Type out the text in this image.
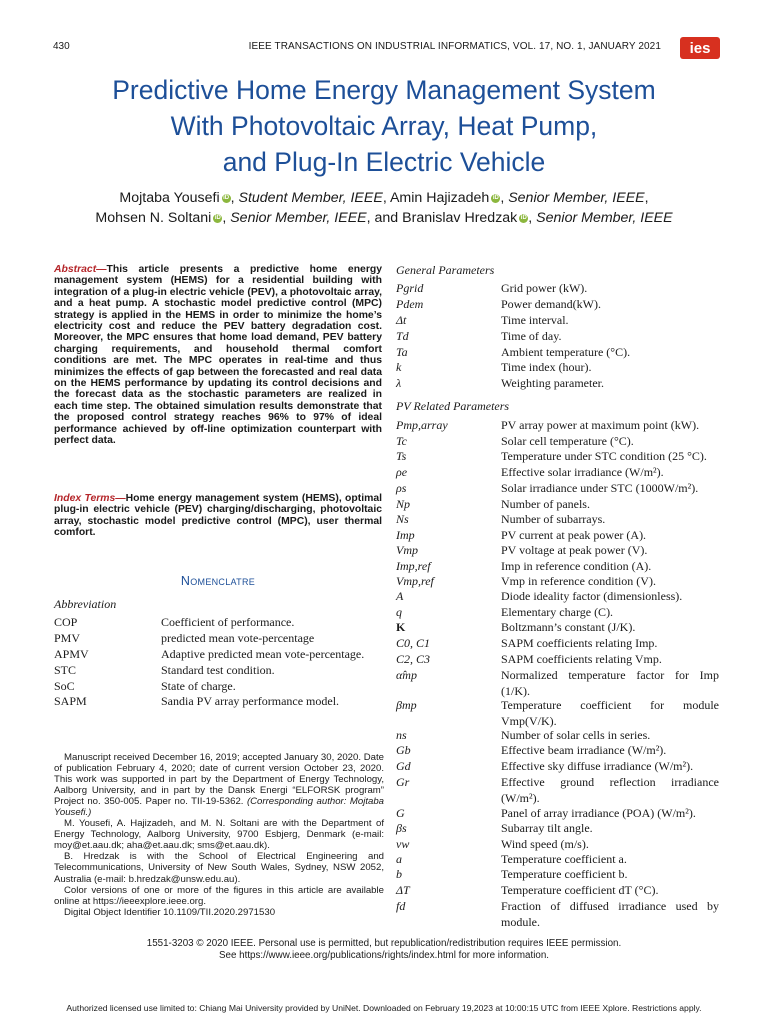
430	IEEE TRANSACTIONS ON INDUSTRIAL INFORMATICS, VOL. 17, NO. 1, JANUARY 2021 ies
Predictive Home Energy Management System
With Photovoltaic Array, Heat Pump,
and Plug-In Electric Vehicle
Mojtaba Yousefi iD , Student Member, IEEE, Amin Hajizadeh iD , Senior Member, IEEE,
Mohsen N. Soltani iD , Senior Member, IEEE, and Branislav Hredzak iD , Senior Member, IEEE
Abstract—This article presents a predictive home energy management system (HEMS) for a residential building with integration of a plug-in electric vehicle (PEV), a photovoltaic array, and a heat pump. A stochastic model predictive control (MPC) strategy is applied in the HEMS in order to minimize the home’s electricity cost and reduce the PEV battery degradation cost. Moreover, the MPC ensures that home load demand, PEV battery charging requirements, and household thermal comfort conditions are met. The MPC operates in real-time and thus minimizes the effects of gap between the forecasted and real data on the HEMS performance by updating its control decisions and the forecast data as the stochastic parameters are realized in each time step. The obtained simulation results demonstrate that the proposed control strategy reaches 96% to 97% of ideal performance achieved by off-line optimization counterpart with perfect data.
Index Terms—Home energy management system (HEMS), optimal plug-in electric vehicle (PEV) charging/discharging, photovoltaic array, stochastic model predictive control (MPC), user thermal comfort.
Nomenclatre
Abbreviation
COP	Coefficient of performance.
PMV	predicted mean vote-percentage
APMV	Adaptive predicted mean vote-percentage.
STC	Standard test condition.
SoC	State of charge.
SAPM	Sandia PV array performance model.

Manuscript received December 16, 2019; accepted January 30, 2020. Date of publication February 4, 2020; date of current version October 23, 2020. This work was supported in part by the Department of Energy Technology, Aalborg University, and in part by the Dansk Energi “ELFORSK program” Project no. 350-005. Paper no. TII-19-5362. (Corresponding author: Mojtaba Yousefi.)

M. Yousefi, A. Hajizadeh, and M. N. Soltani are with the Department of Energy Technology, Aalborg University, 9700 Esbjerg, Denmark (e-mail: moy@et.aau.dk; aha@et.aau.dk; sms@et.aau.dk).

B. Hredzak is with the School of Electrical Engineering and Telecommunications, University of New South Wales, Sydney, NSW 2052, Australia (e-mail: b.hredzak@unsw.edu.au).

Color versions of one or more of the figures in this article are available online at https://ieeexplore.ieee.org.

Digital Object Identifier 10.1109/TII.2020.2971530

General Parameters
Pgrid	Grid power (kW).
Pdem	Power demand(kW).
Δt	Time interval.
Td	Time of day.
Ta	Ambient temperature (°C).
k	Time index (hour).
λ	Weighting parameter.
PV Related Parameters
Pmp,array	PV array power at maximum point (kW).
Tc	Solar cell temperature (°C).
Ts	Temperature under STC condition (25 °C).
ρe	Effective solar irradiance (W/m²).
ρs	Solar irradiance under STC (1000W/m²).
Np	Number of panels.
Ns	Number of subarrays.
Imp	PV current at peak power (A).
Vmp	PV voltage at peak power (V).
Imp,ref	Imp in reference condition (A).
Vmp,ref	Vmp in reference condition (V).
A	Diode ideality factor (dimensionless).
q	Elementary charge (C).
K	Boltzmann’s constant (J/K).
C0, C1	SAPM coefficients relating Imp.
C2, C3	SAPM coefficients relating Vmp.
α̂mp	Normalized temperature factor for Imp (1/K).
βmp	Temperature coefficient for module Vmp(V/K).
ns	Number of solar cells in series.
Gb	Effective beam irradiance (W/m²).
Gd	Effective sky diffuse irradiance (W/m²).
Gr	Effective ground reflection irradiance (W/m²).
G	Panel of array irradiance (POA) (W/m²).
βs	Subarray tilt angle.
vw	Wind speed (m/s).
a	Temperature coefficient a.
b	Temperature coefficient b.
ΔT	Temperature coefficient dT (°C).
fd	Fraction of diffused irradiance used by module.
1551-3203 © 2020 IEEE. Personal use is permitted, but republication/redistribution requires IEEE permission.
See https://www.ieee.org/publications/rights/index.html for more information.
Authorized licensed use limited to: Chiang Mai University provided by UniNet. Downloaded on February 19,2023 at 10:00:15 UTC from IEEE Xplore. Restrictions apply.
